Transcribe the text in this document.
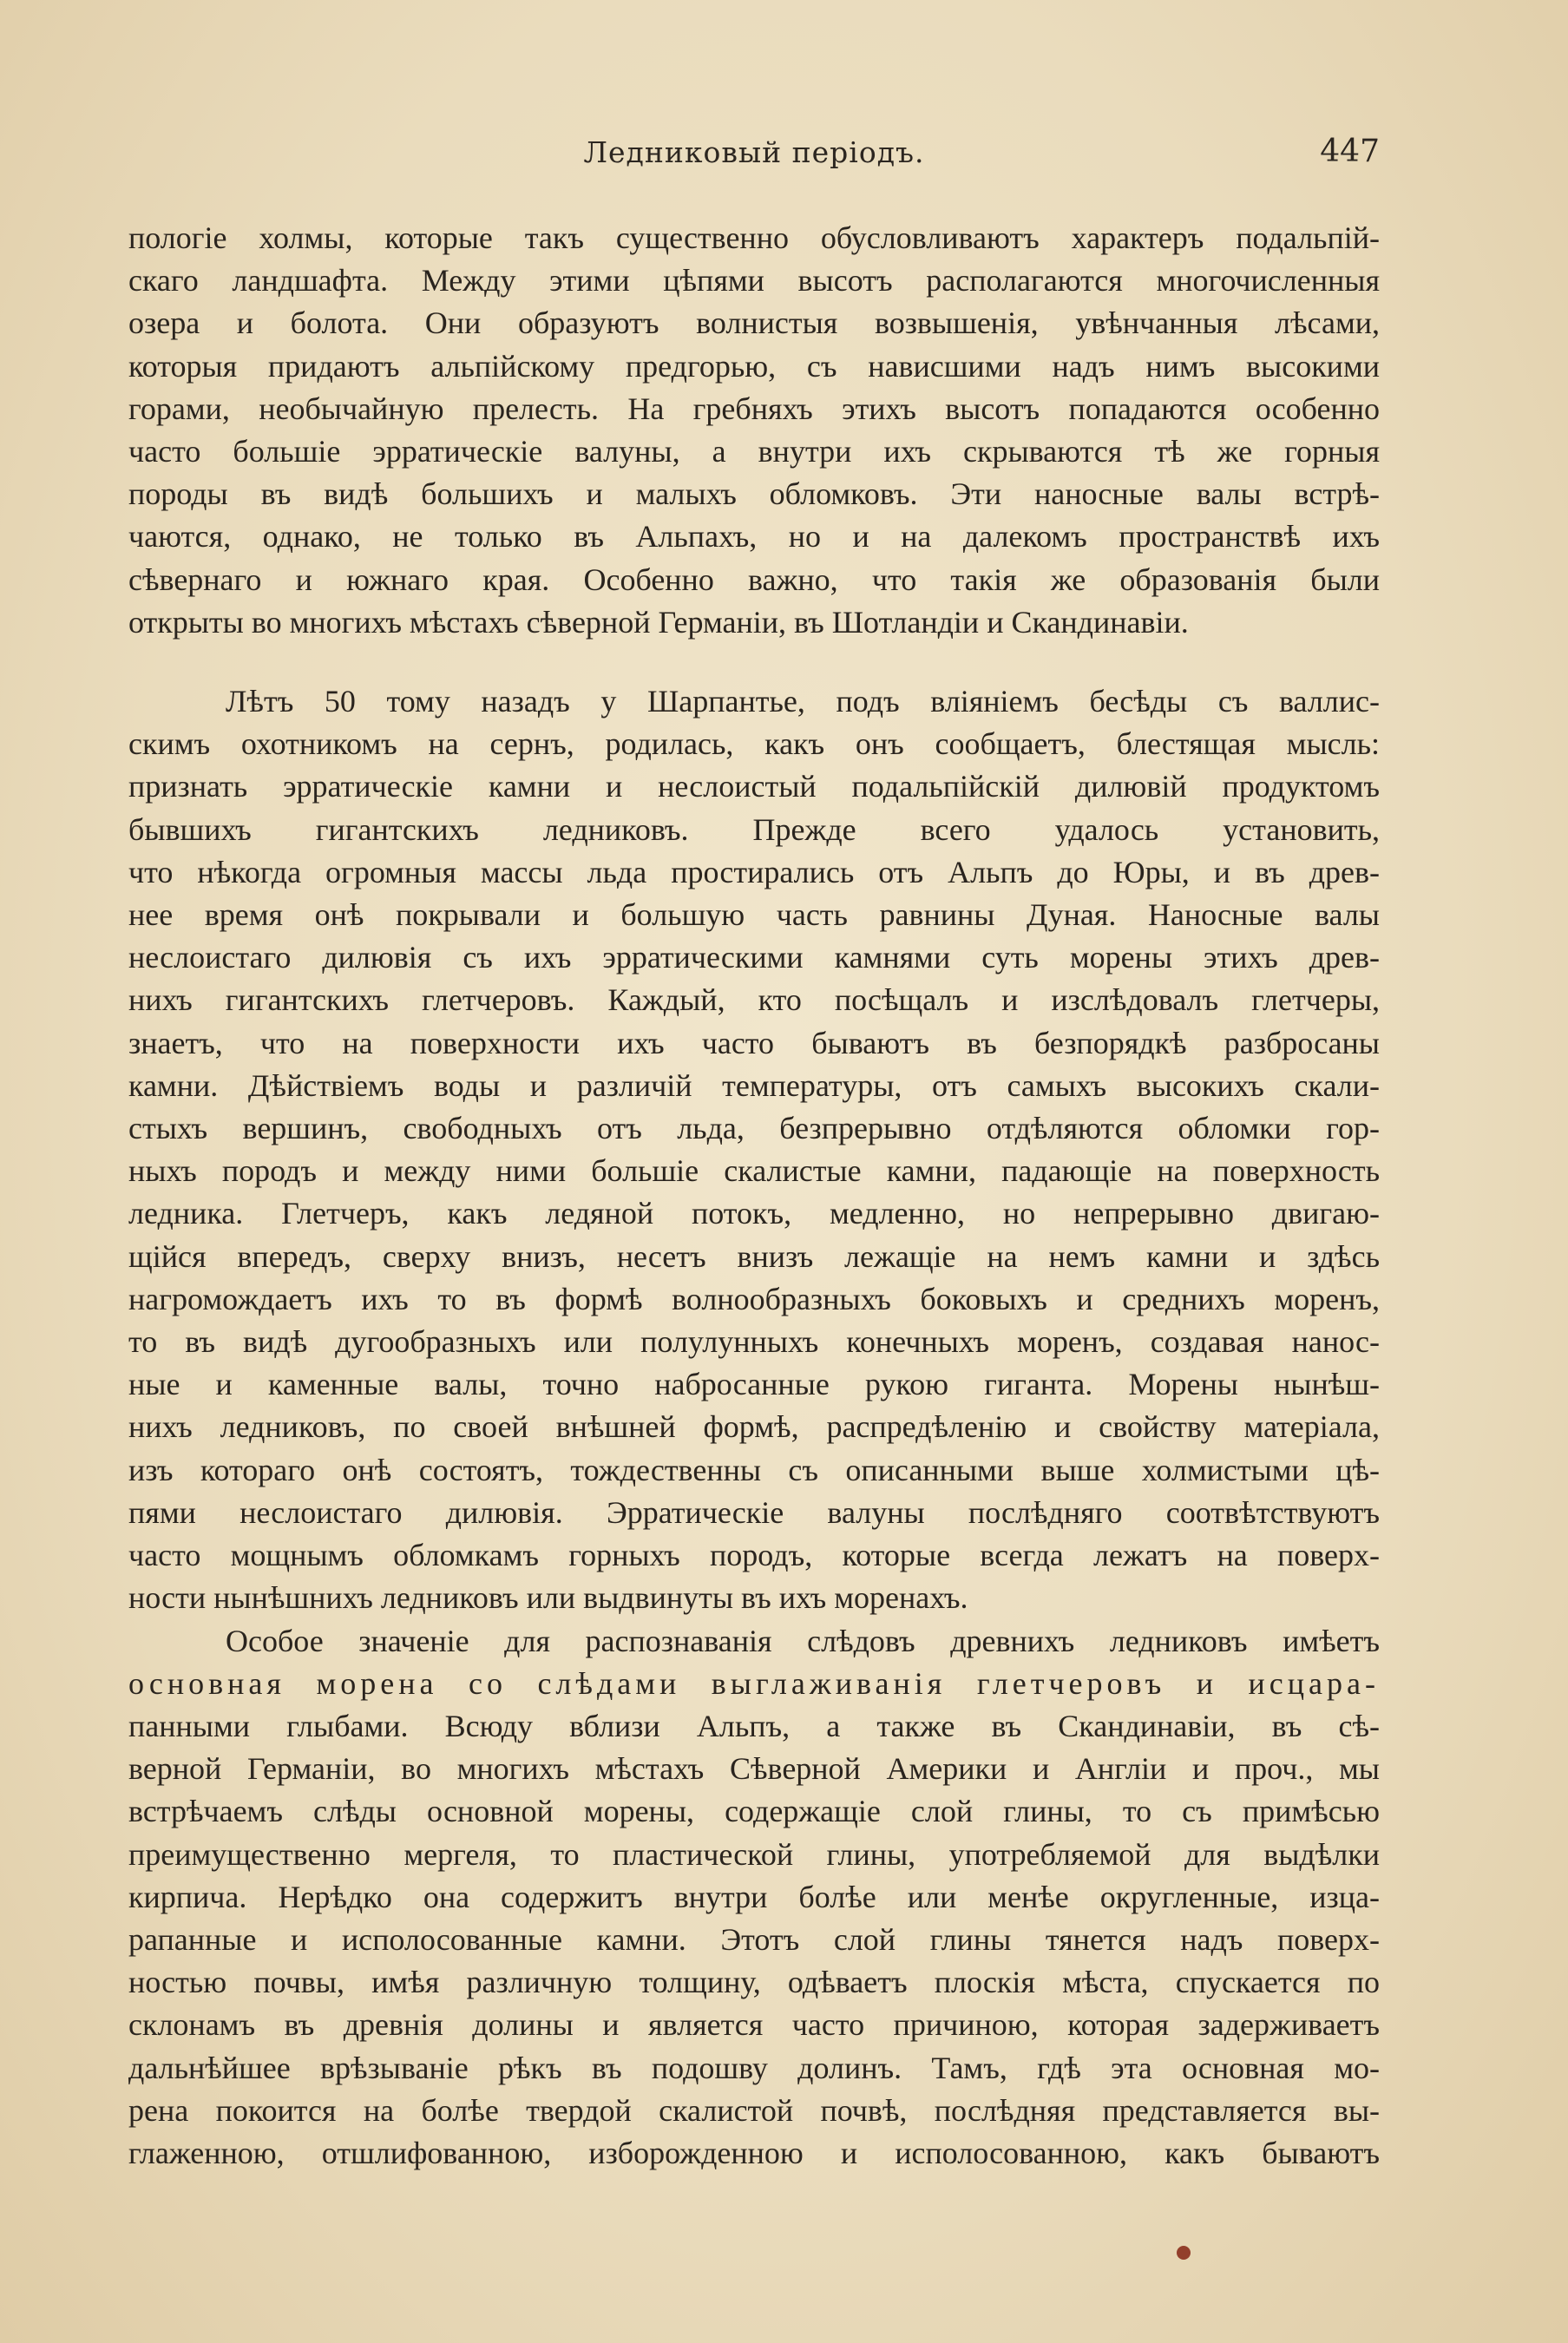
Ледниковый періодъ.	447
пологіе холмы, которые такъ существенно обусловливаютъ характеръ подальпій-
скаго ландшафта. Между этими цѣпями высотъ располагаются многочисленныя
озера и болота. Они образуютъ волнистыя возвышенія, увѣнчанныя лѣсами,
которыя придаютъ альпійскому предгорью, съ нависшими надъ нимъ высокими
горами, необычайную прелесть. На гребняхъ этихъ высотъ попадаются особенно
часто большіе эрратическіе валуны, а внутри ихъ скрываются тѣ же горныя
породы въ видѣ большихъ и малыхъ обломковъ. Эти наносные валы встрѣ-
чаются, однако, не только въ Альпахъ, но и на далекомъ пространствѣ ихъ
сѣвернаго и южнаго края. Особенно важно, что такія же образованія были
открыты во многихъ мѣстахъ сѣверной Германіи, въ Шотландіи и Скандинавіи.
Лѣтъ 50 тому назадъ у Шарпантье, подъ вліяніемъ бесѣды съ валлис-
скимъ охотникомъ на сернъ, родилась, какъ онъ сообщаетъ, блестящая мысль:
признать эрратическіе камни и неслоистый подальпійскій дилювій продуктомъ
бывшихъ гигантскихъ ледниковъ. Прежде всего удалось установить,
что нѣкогда огромныя массы льда простирались отъ Альпъ до Юры, и въ древ-
нее время онѣ покрывали и большую часть равнины Дуная. Наносные валы
неслоистаго дилювія съ ихъ эрратическими камнями суть морены этихъ древ-
нихъ гигантскихъ глетчеровъ. Каждый, кто посѣщалъ и изслѣдовалъ глетчеры,
знаетъ, что на поверхности ихъ часто бываютъ въ безпорядкѣ разбросаны
камни. Дѣйствіемъ воды и различій температуры, отъ самыхъ высокихъ скали-
стыхъ вершинъ, свободныхъ отъ льда, безпрерывно отдѣляются обломки гор-
ныхъ породъ и между ними большіе скалистые камни, падающіе на поверхность
ледника. Глетчеръ, какъ ледяной потокъ, медленно, но непрерывно двигаю-
щійся впередъ, сверху внизъ, несетъ внизъ лежащіе на немъ камни и здѣсь
нагромождаетъ ихъ то въ формѣ волнообразныхъ боковыхъ и среднихъ моренъ,
то въ видѣ дугообразныхъ или полулунныхъ конечныхъ моренъ, создавая нанос-
ные и каменные валы, точно набросанные рукою гиганта. Морены нынѣш-
нихъ ледниковъ, по своей внѣшней формѣ, распредѣленію и свойству матеріала,
изъ котораго онѣ состоятъ, тождественны съ описанными выше холмистыми цѣ-
пями неслоистаго дилювія. Эрратическіе валуны послѣдняго соотвѣтствуютъ
часто мощнымъ обломкамъ горныхъ породъ, которые всегда лежатъ на поверх-
ности нынѣшнихъ ледниковъ или выдвинуты въ ихъ моренахъ.
Особое значеніе для распознаванія слѣдовъ древнихъ ледниковъ имѣетъ
основная морена со слѣдами выглаживанія глетчеровъ и исцара-
панными глыбами. Всюду вблизи Альпъ, а также въ Скандинавіи, въ сѣ-
верной Германіи, во многихъ мѣстахъ Сѣверной Америки и Англіи и проч., мы
встрѣчаемъ слѣды основной морены, содержащіе слой глины, то съ примѣсью
преимущественно мергеля, то пластической глины, употребляемой для выдѣлки
кирпича. Нерѣдко она содержитъ внутри болѣе или менѣе округленные, изца-
рапанные и исполосованные камни. Этотъ слой глины тянется надъ поверх-
ностью почвы, имѣя различную толщину, одѣваетъ плоскія мѣста, спускается по
склонамъ въ древнія долины и является часто причиною, которая задерживаетъ
дальнѣйшее врѣзываніе рѣкъ въ подошву долинъ. Тамъ, гдѣ эта основная мо-
рена покоится на болѣе твердой скалистой почвѣ, послѣдняя представляется вы-
глаженною, отшлифованною, изборожденною и исполосованною, какъ бываютъ
